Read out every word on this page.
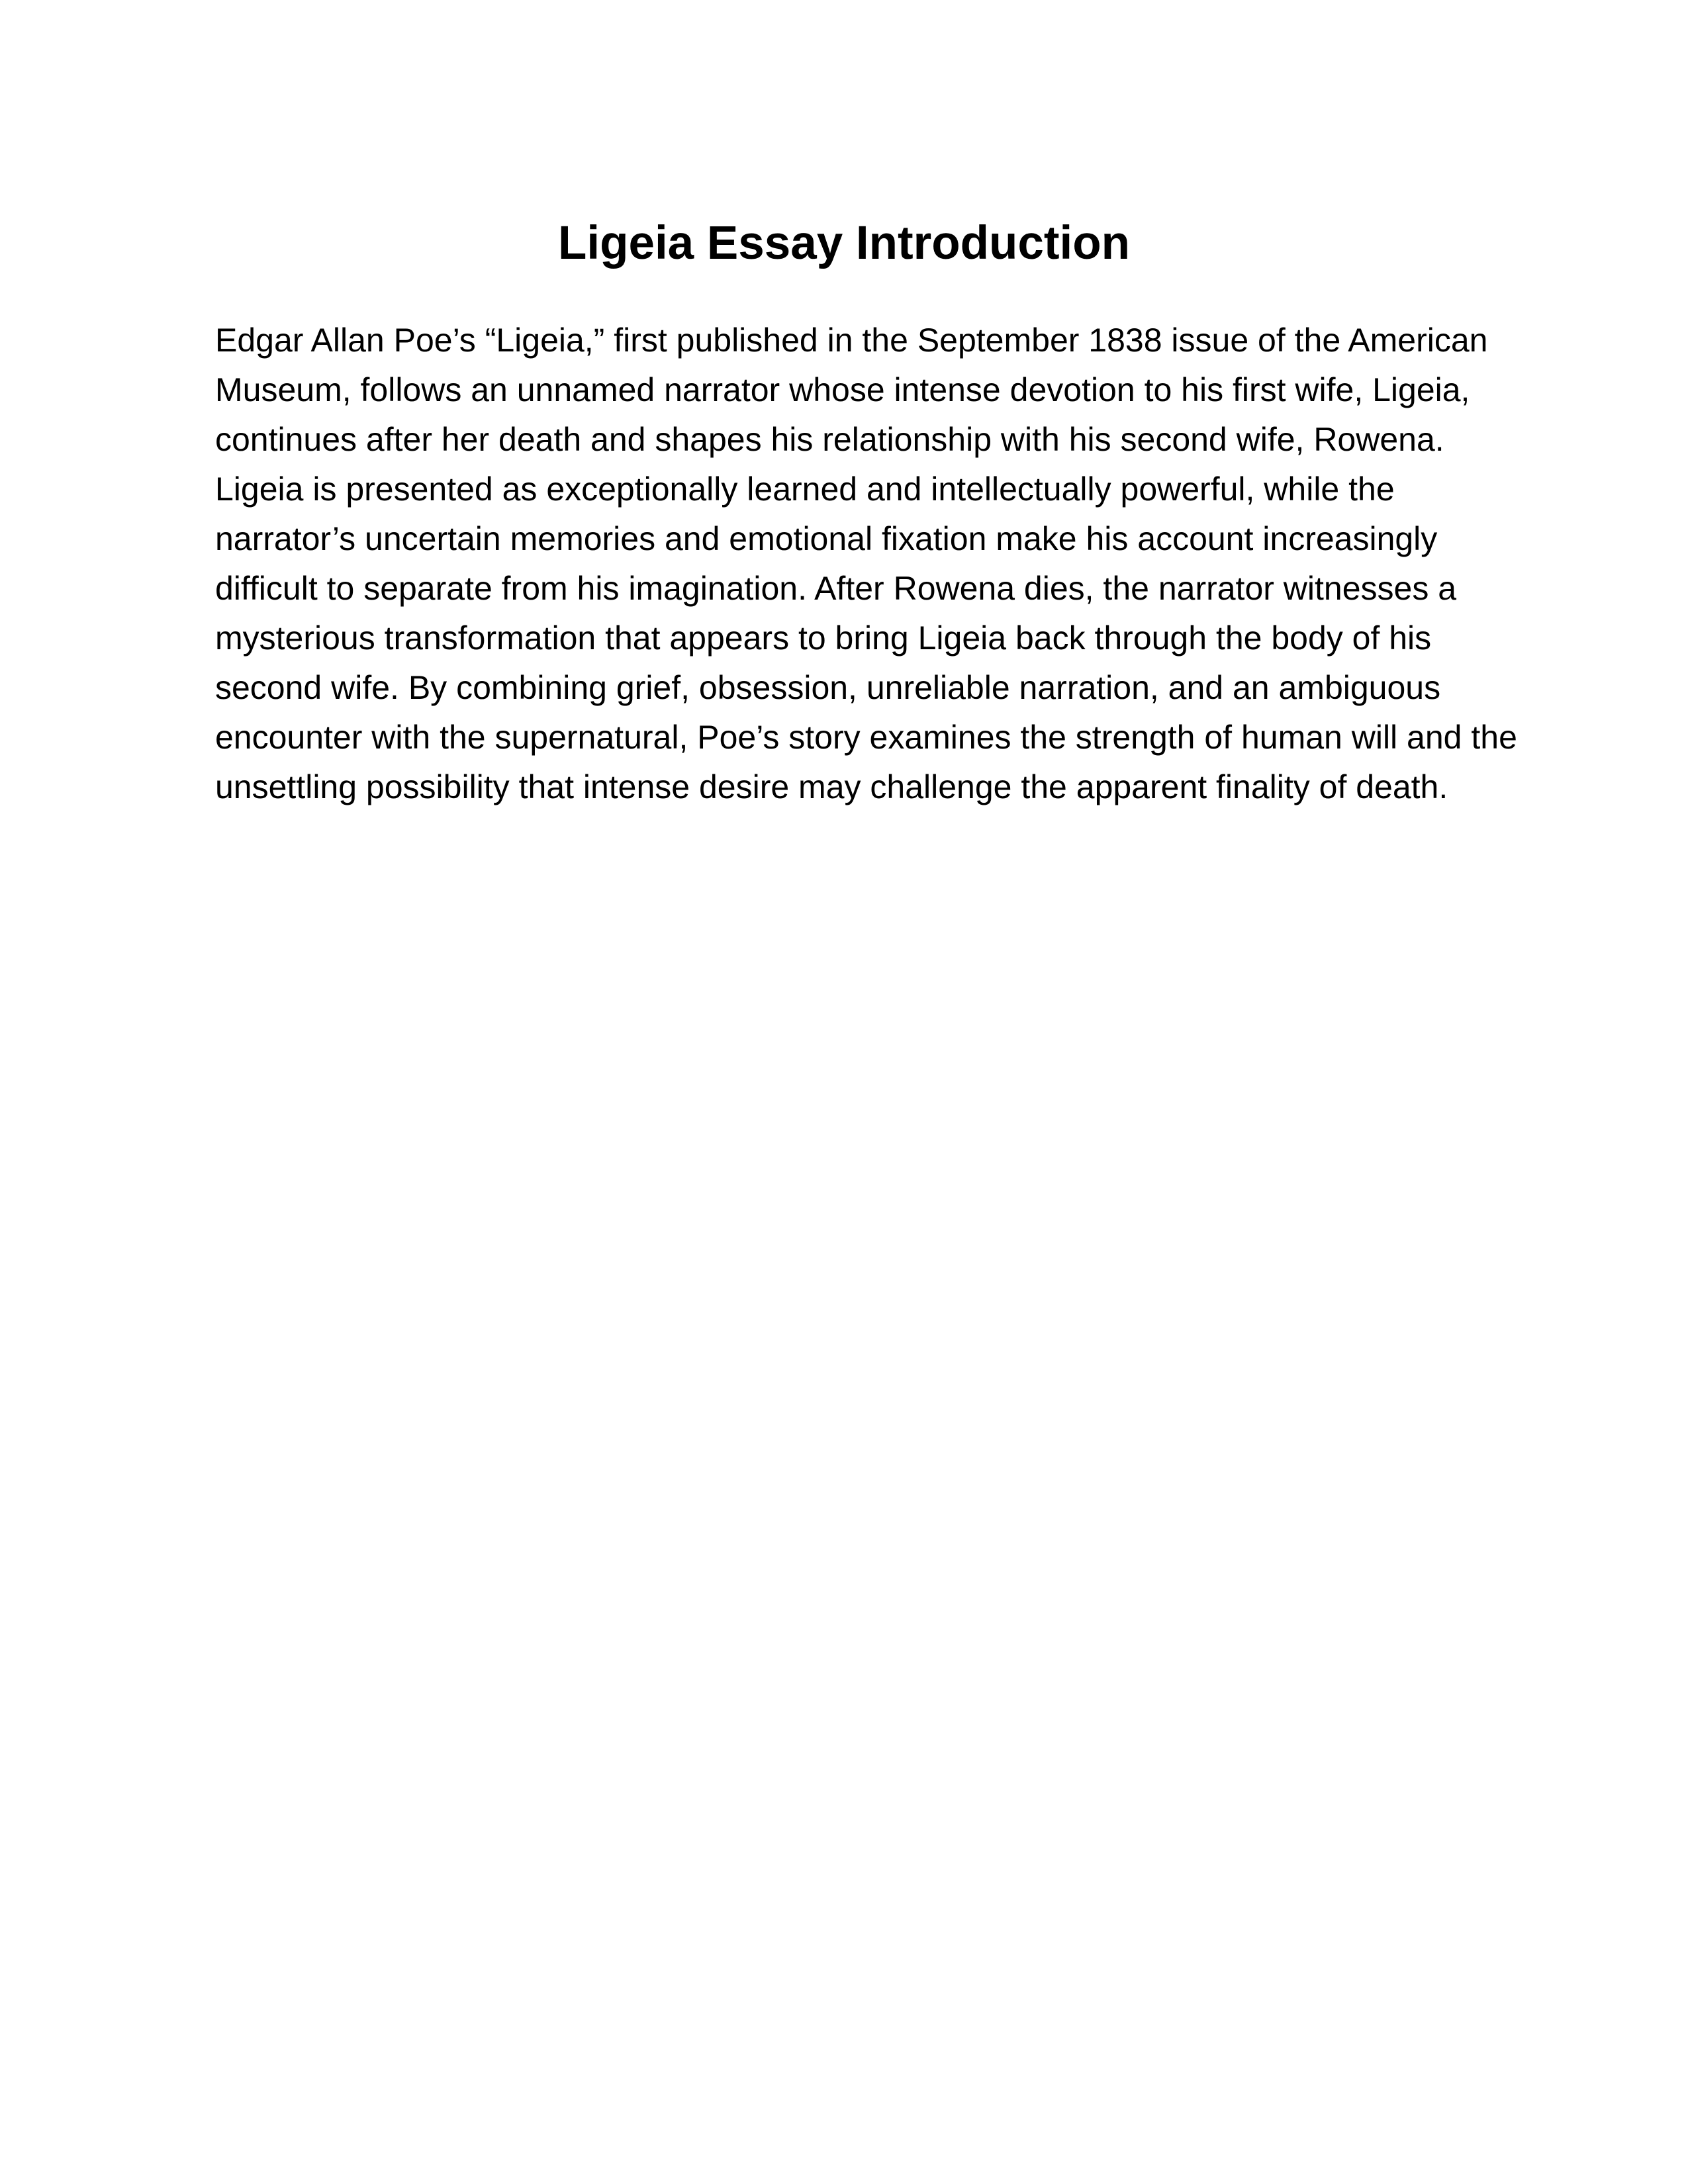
Ligeia Essay Introduction
Edgar Allan Poe’s “Ligeia,” first published in the September 1838 issue of the American
Museum, follows an unnamed narrator whose intense devotion to his first wife, Ligeia,
continues after her death and shapes his relationship with his second wife, Rowena.
Ligeia is presented as exceptionally learned and intellectually powerful, while the
narrator’s uncertain memories and emotional fixation make his account increasingly
difficult to separate from his imagination. After Rowena dies, the narrator witnesses a
mysterious transformation that appears to bring Ligeia back through the body of his
second wife. By combining grief, obsession, unreliable narration, and an ambiguous
encounter with the supernatural, Poe’s story examines the strength of human will and the
unsettling possibility that intense desire may challenge the apparent finality of death.
